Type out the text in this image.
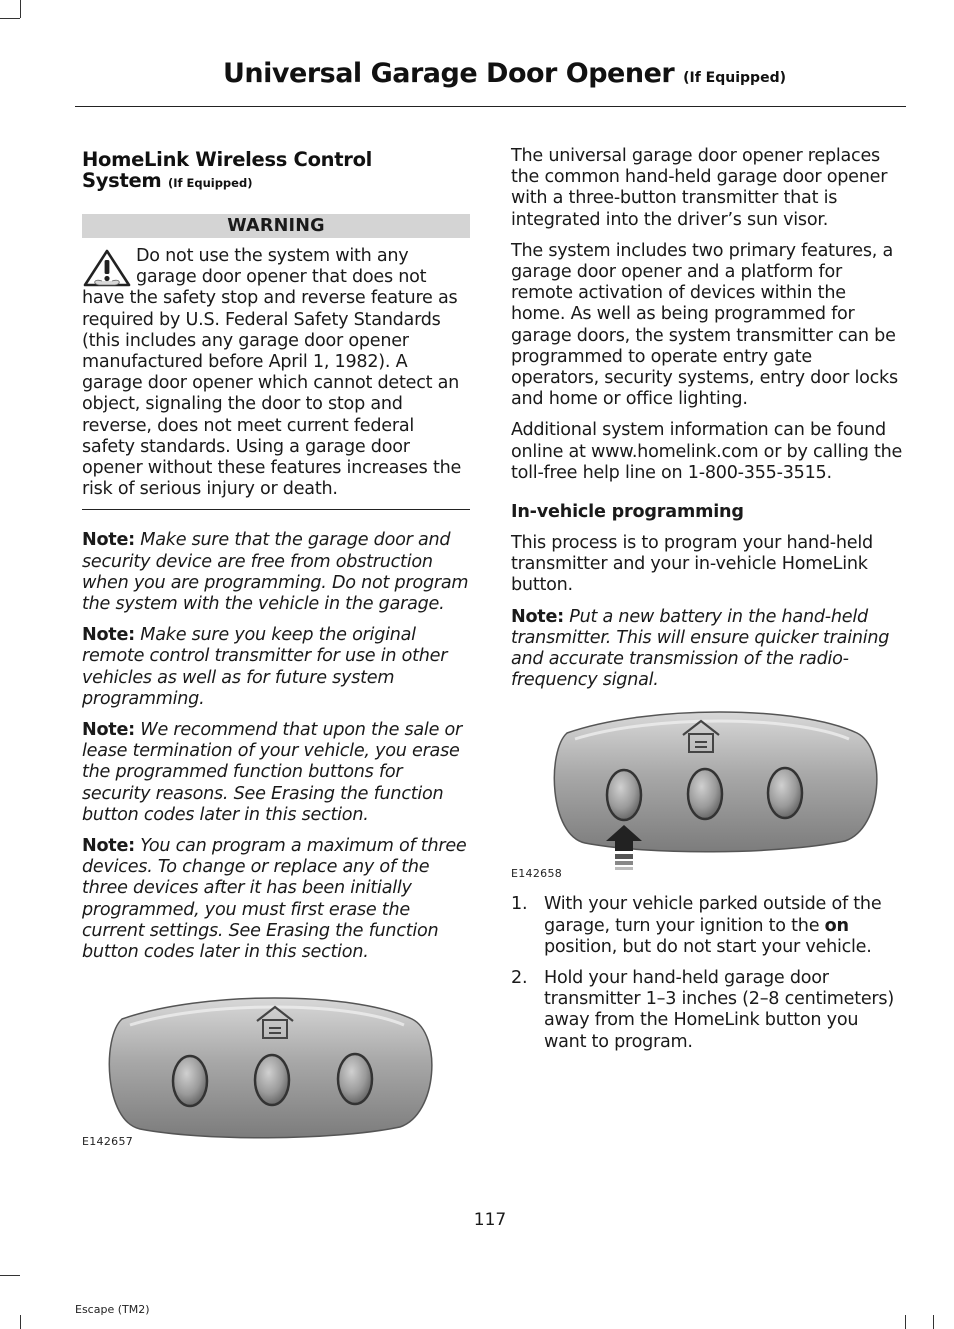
Universal Garage Door Opener (If Equipped)
HomeLink Wireless Control
System (If Equipped)
WARNING
Do not use the system with any garage door opener that does not have the safety stop and reverse feature as required by U.S. Federal Safety Standards (this includes any garage door opener manufactured before April 1, 1982). A garage door opener which cannot detect an object, signaling the door to stop and reverse, does not meet current federal safety standards. Using a garage door opener without these features increases the risk of serious injury or death.

Note: Make sure that the garage door and security device are free from obstruction when you are programming. Do not program the system with the vehicle in the garage.

Note: Make sure you keep the original remote control transmitter for use in other vehicles as well as for future system programming.

Note: We recommend that upon the sale or lease termination of your vehicle, you erase the programmed function buttons for security reasons. See Erasing the function button codes later in this section.

Note: You can program a maximum of three devices. To change or replace any of the three devices after it has been initially programmed, you must first erase the current settings. See Erasing the function button codes later in this section.

E142657

The universal garage door opener replaces the common hand-held garage door opener with a three-button transmitter that is integrated into the driver’s sun visor.

The system includes two primary features, a garage door opener and a platform for remote activation of devices within the home. As well as being programmed for garage doors, the system transmitter can be programmed to operate entry gate operators, security systems, entry door locks and home or office lighting.

Additional system information can be found online at www.homelink.com or by calling the toll-free help line on 1-800-355-3515.

In-vehicle programming

This process is to program your hand-held transmitter and your in-vehicle HomeLink button.

Note: Put a new battery in the hand-held transmitter. This will ensure quicker training and accurate transmission of the radio-frequency signal.

E142658
1. With your vehicle parked outside of the garage, turn your ignition to the on position, but do not start your vehicle.
2. Hold your hand-held garage door transmitter 1–3 inches (2–8 centimeters) away from the HomeLink button you want to program.
117
Escape (TM2)
